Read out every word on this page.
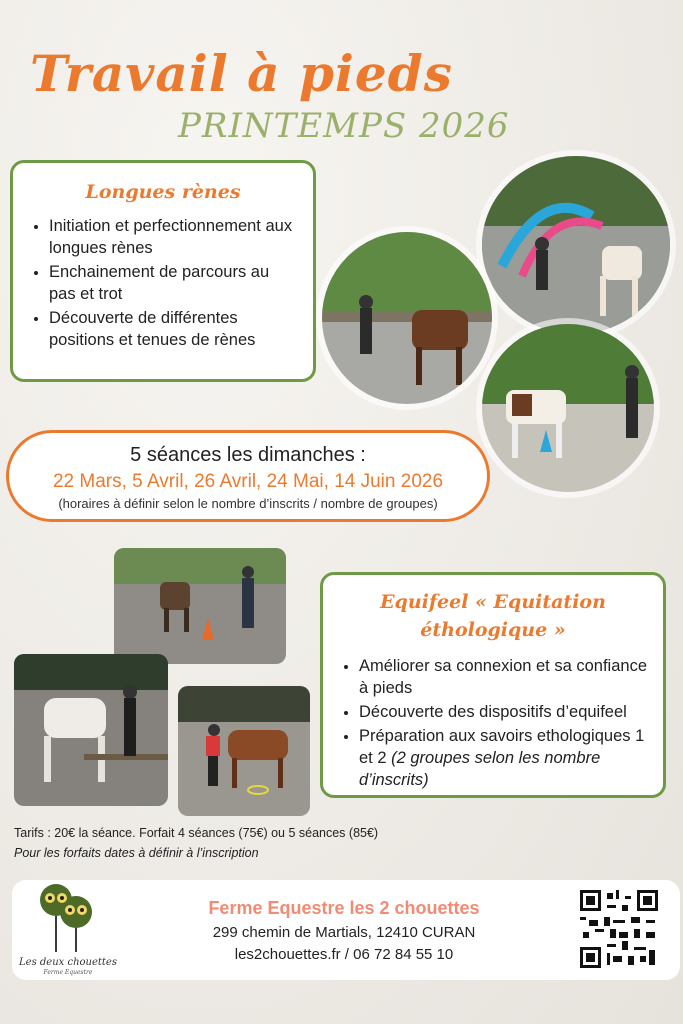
Travail à pieds
PRINTEMPS 2026
Longues rènes
• Initiation et perfectionnement aux longues rènes
• Enchainement de parcours au pas et trot
• Découverte de différentes positions et tenues de rènes
5 séances les dimanches :
22 Mars, 5 Avril, 26 Avril, 24 Mai, 14 Juin 2026
(horaires à définir selon le nombre d’inscrits / nombre de groupes)
Equifeel « Equitation
éthologique »
• Améliorer sa connexion et sa confiance à pieds
• Découverte des dispositifs d’equifeel
• Préparation aux savoirs ethologiques 1 et 2 (2 groupes selon les nombre d’inscrits)
Tarifs : 20€ la séance. Forfait 4 séances (75€) ou 5 séances (85€)
Pour les forfaits dates à définir à l’inscription
Les deux chouettes
Ferme Equestre
Ferme Equestre les 2 chouettes
299 chemin de Martials, 12410 CURAN
les2chouettes.fr / 06 72 84 55 10
